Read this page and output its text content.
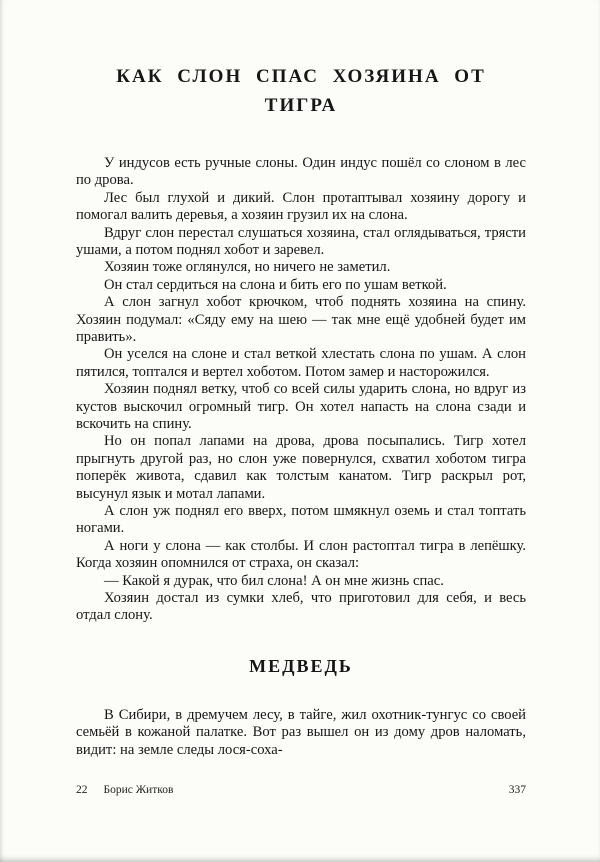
КАК СЛОН СПАС ХОЗЯИНА ОТ
ТИГРА

У индусов есть ручные слоны. Один индус пошёл со слоном в лес по дрова.

Лес был глухой и дикий. Слон протаптывал хозяину дорогу и помогал валить деревья, а хозяин грузил их на слона.

Вдруг слон перестал слушаться хозяина, стал оглядываться, трясти ушами, а потом поднял хобот и заревел.

Хозяин тоже оглянулся, но ничего не заметил.

Он стал сердиться на слона и бить его по ушам веткой.

А слон загнул хобот крючком, чтоб поднять хозяина на спину. Хозяин подумал: «Сяду ему на шею — так мне ещё удобней будет им править».

Он уселся на слоне и стал веткой хлестать слона по ушам. А слон пятился, топтался и вертел хоботом. Потом замер и насторожился.

Хозяин поднял ветку, чтоб со всей силы ударить слона, но вдруг из кустов выскочил огромный тигр. Он хотел напасть на слона сзади и вскочить на спину.

Но он попал лапами на дрова, дрова посыпались. Тигр хотел прыгнуть другой раз, но слон уже повернулся, схватил хоботом тигра поперёк живота, сдавил как толстым канатом. Тигр раскрыл рот, высунул язык и мотал лапами.

А слон уж поднял его вверх, потом шмякнул оземь и стал топтать ногами.

А ноги у слона — как столбы. И слон растоптал тигра в лепёшку. Когда хозяин опомнился от страха, он сказал:

— Какой я дурак, что бил слона! А он мне жизнь спас.

Хозяин достал из сумки хлеб, что приготовил для себя, и весь отдал слону.

МЕДВЕДЬ

В Сибири, в дремучем лесу, в тайге, жил охотник-тунгус со своей семьёй в кожаной палатке. Вот раз вышел он из дому дров наломать, видит: на земле следы лося-соха-

22 Борис Житков	337
